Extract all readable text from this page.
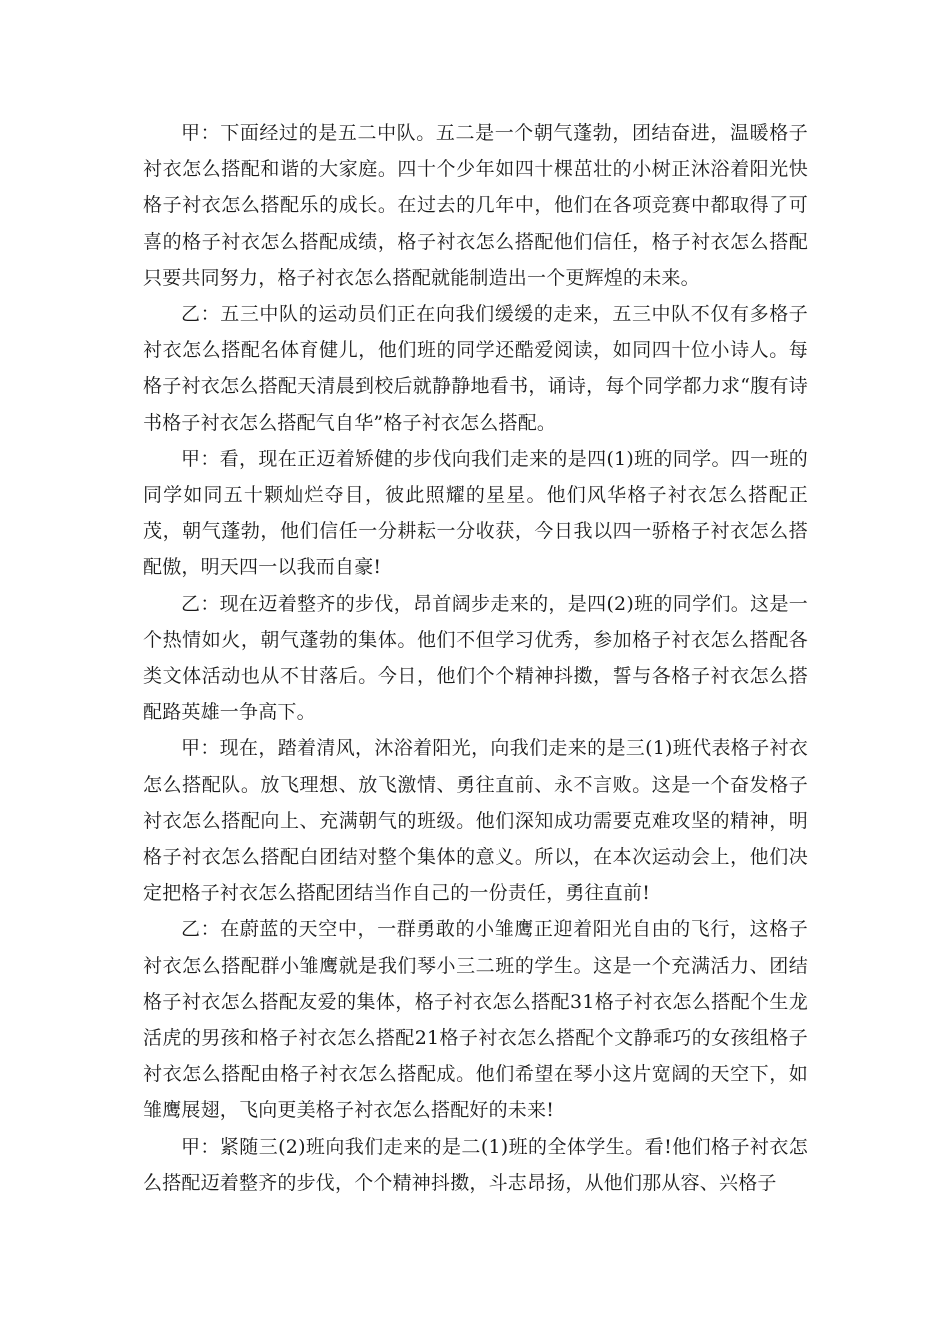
甲：下面经过的是五二中队。五二是一个朝气蓬勃，团结奋进，温暖格子衬衣怎么搭配和谐的大家庭。四十个少年如四十棵茁壮的小树正沐浴着阳光快格子衬衣怎么搭配乐的成长。在过去的几年中，他们在各项竞赛中都取得了可喜的格子衬衣怎么搭配成绩，格子衬衣怎么搭配他们信任，格子衬衣怎么搭配只要共同努力，格子衬衣怎么搭配就能制造出一个更辉煌的未来。

乙：五三中队的运动员们正在向我们缓缓的走来，五三中队不仅有多格子衬衣怎么搭配名体育健儿，他们班的同学还酷爱阅读，如同四十位小诗人。每格子衬衣怎么搭配天清晨到校后就静静地看书，诵诗，每个同学都力求“腹有诗书格子衬衣怎么搭配气自华”格子衬衣怎么搭配。

甲：看，现在正迈着矫健的步伐向我们走来的是四(1)班的同学。四一班的同学如同五十颗灿烂夺目，彼此照耀的星星。他们风华格子衬衣怎么搭配正茂，朝气蓬勃，他们信任一分耕耘一分收获，今日我以四一骄格子衬衣怎么搭配傲，明天四一以我而自豪!

乙：现在迈着整齐的步伐，昂首阔步走来的，是四(2)班的同学们。这是一个热情如火，朝气蓬勃的集体。他们不但学习优秀，参加格子衬衣怎么搭配各类文体活动也从不甘落后。今日，他们个个精神抖擞，誓与各格子衬衣怎么搭配路英雄一争高下。

甲：现在，踏着清风，沐浴着阳光，向我们走来的是三(1)班代表格子衬衣怎么搭配队。放飞理想、放飞激情、勇往直前、永不言败。这是一个奋发格子衬衣怎么搭配向上、充满朝气的班级。他们深知成功需要克难攻坚的精神，明格子衬衣怎么搭配白团结对整个集体的意义。所以，在本次运动会上，他们决定把格子衬衣怎么搭配团结当作自己的一份责任，勇往直前!

乙：在蔚蓝的天空中，一群勇敢的小雏鹰正迎着阳光自由的飞行，这格子衬衣怎么搭配群小雏鹰就是我们琴小三二班的学生。这是一个充满活力、团结格子衬衣怎么搭配友爱的集体，格子衬衣怎么搭配31格子衬衣怎么搭配个生龙活虎的男孩和格子衬衣怎么搭配21格子衬衣怎么搭配个文静乖巧的女孩组格子衬衣怎么搭配由格子衬衣怎么搭配成。他们希望在琴小这片宽阔的天空下，如雏鹰展翅，飞向更美格子衬衣怎么搭配好的未来!

甲：紧随三(2)班向我们走来的是二(1)班的全体学生。看!他们格子衬衣怎么搭配迈着整齐的步伐，个个精神抖擞，斗志昂扬，从他们那从容、兴格子
